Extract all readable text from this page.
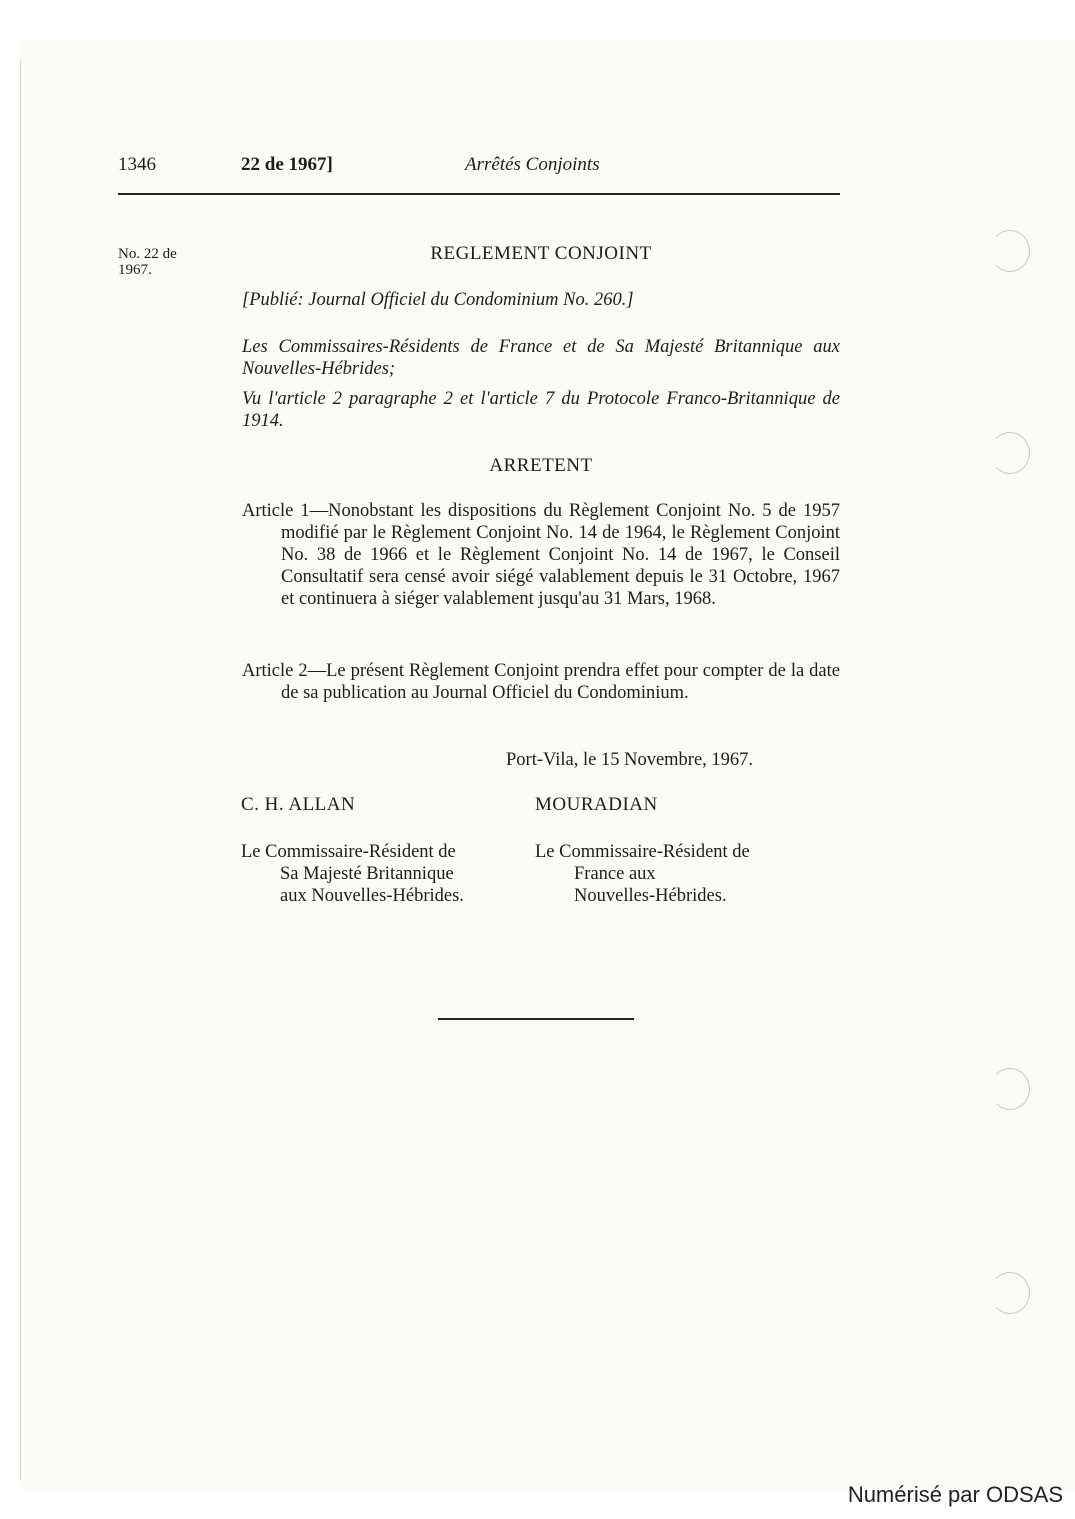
1346	22 de 1967]	Arrêtés Conjoints
No. 22 de
1967.
REGLEMENT CONJOINT
[Publié: Journal Officiel du Condominium No. 260.]
Les Commissaires-Résidents de France et de Sa Majesté Britannique aux Nouvelles-Hébrides;
Vu l'article 2 paragraphe 2 et l'article 7 du Protocole Franco-Britannique de 1914.
ARRETENT
Article 1—Nonobstant les dispositions du Règlement Conjoint No. 5 de 1957 modifié par le Règlement Conjoint No. 14 de 1964, le Règlement Conjoint No. 38 de 1966 et le Règlement Conjoint No. 14 de 1967, le Conseil Consultatif sera censé avoir siégé valablement depuis le 31 Octobre, 1967 et continuera à siéger valablement jusqu'au 31 Mars, 1968.
Article 2—Le présent Règlement Conjoint prendra effet pour compter de la date de sa publication au Journal Officiel du Condominium.
Port-Vila, le 15 Novembre, 1967.
C. H. ALLAN	MOURADIAN
Le Commissaire-Résident de
Sa Majesté Britannique
aux Nouvelles-Hébrides.
Le Commissaire-Résident de
France aux
Nouvelles-Hébrides.
Numérisé par ODSAS
